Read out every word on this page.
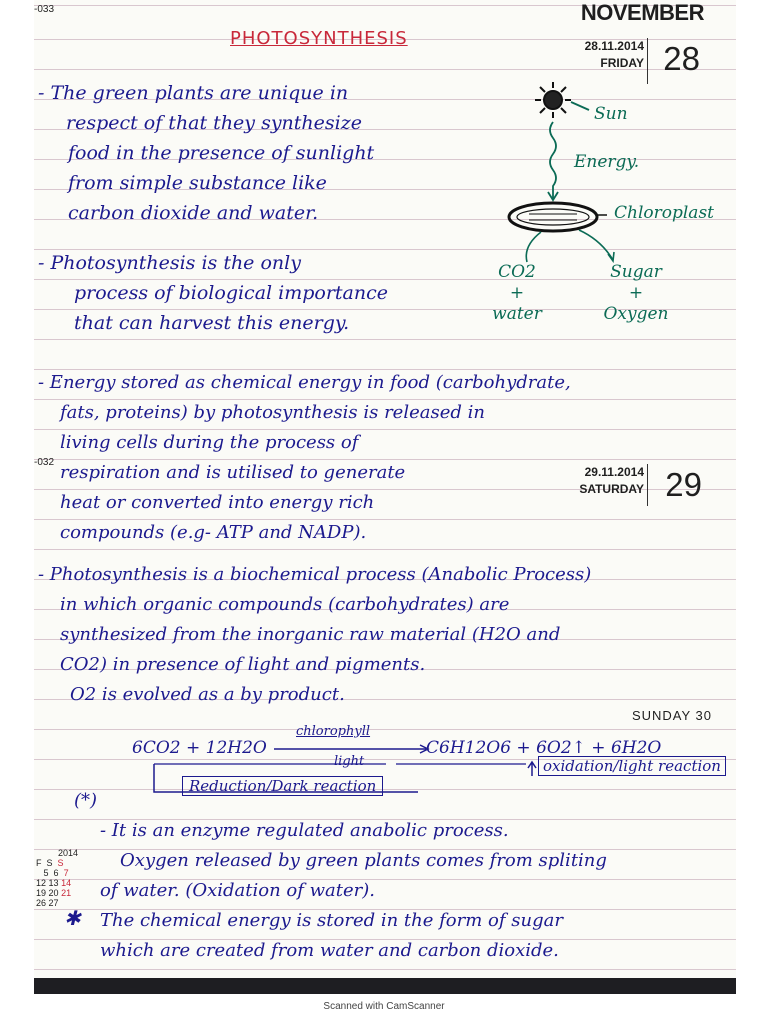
-033	NOVEMBER
28.11.2014
FRIDAY 28
-032
29.11.2014
SATURDAY 29
SUNDAY 30
2014
F S S
5 6 7
12 13 14
19 20 21
26 27
PHOTOSYNTHESIS
- The green plants are unique in
respect of that they synthesize
food in the presence of sunlight
from simple substance like
carbon dioxide and water.
- Photosynthesis is the only
process of biological importance
that can harvest this energy.
Sun
Energy.
Chloroplast
CO2
+
water
Sugar
+
Oxygen
- Energy stored as chemical energy in food (carbohydrate,
fats, proteins) by photosynthesis is released in
living cells during the process of
respiration and is utilised to generate
heat or converted into energy rich
compounds (e.g- ATP and NADP).
- Photosynthesis is a biochemical process (Anabolic Process)
in which organic compounds (carbohydrates) are
synthesized from the inorganic raw material (H2O and
CO2) in presence of light and pigments.
O2 is evolved as a by product.
6CO2 + 12H2O
chlorophyll
light
C6H12O6 + 6O2↑ + 6H2O
oxidation/light reaction
Reduction/Dark reaction
(*)
- It is an enzyme regulated anabolic process.
Oxygen released by green plants comes from spliting
of water. (Oxidation of water).
The chemical energy is stored in the form of sugar
which are created from water and carbon dioxide.
✱
Scanned with CamScanner
